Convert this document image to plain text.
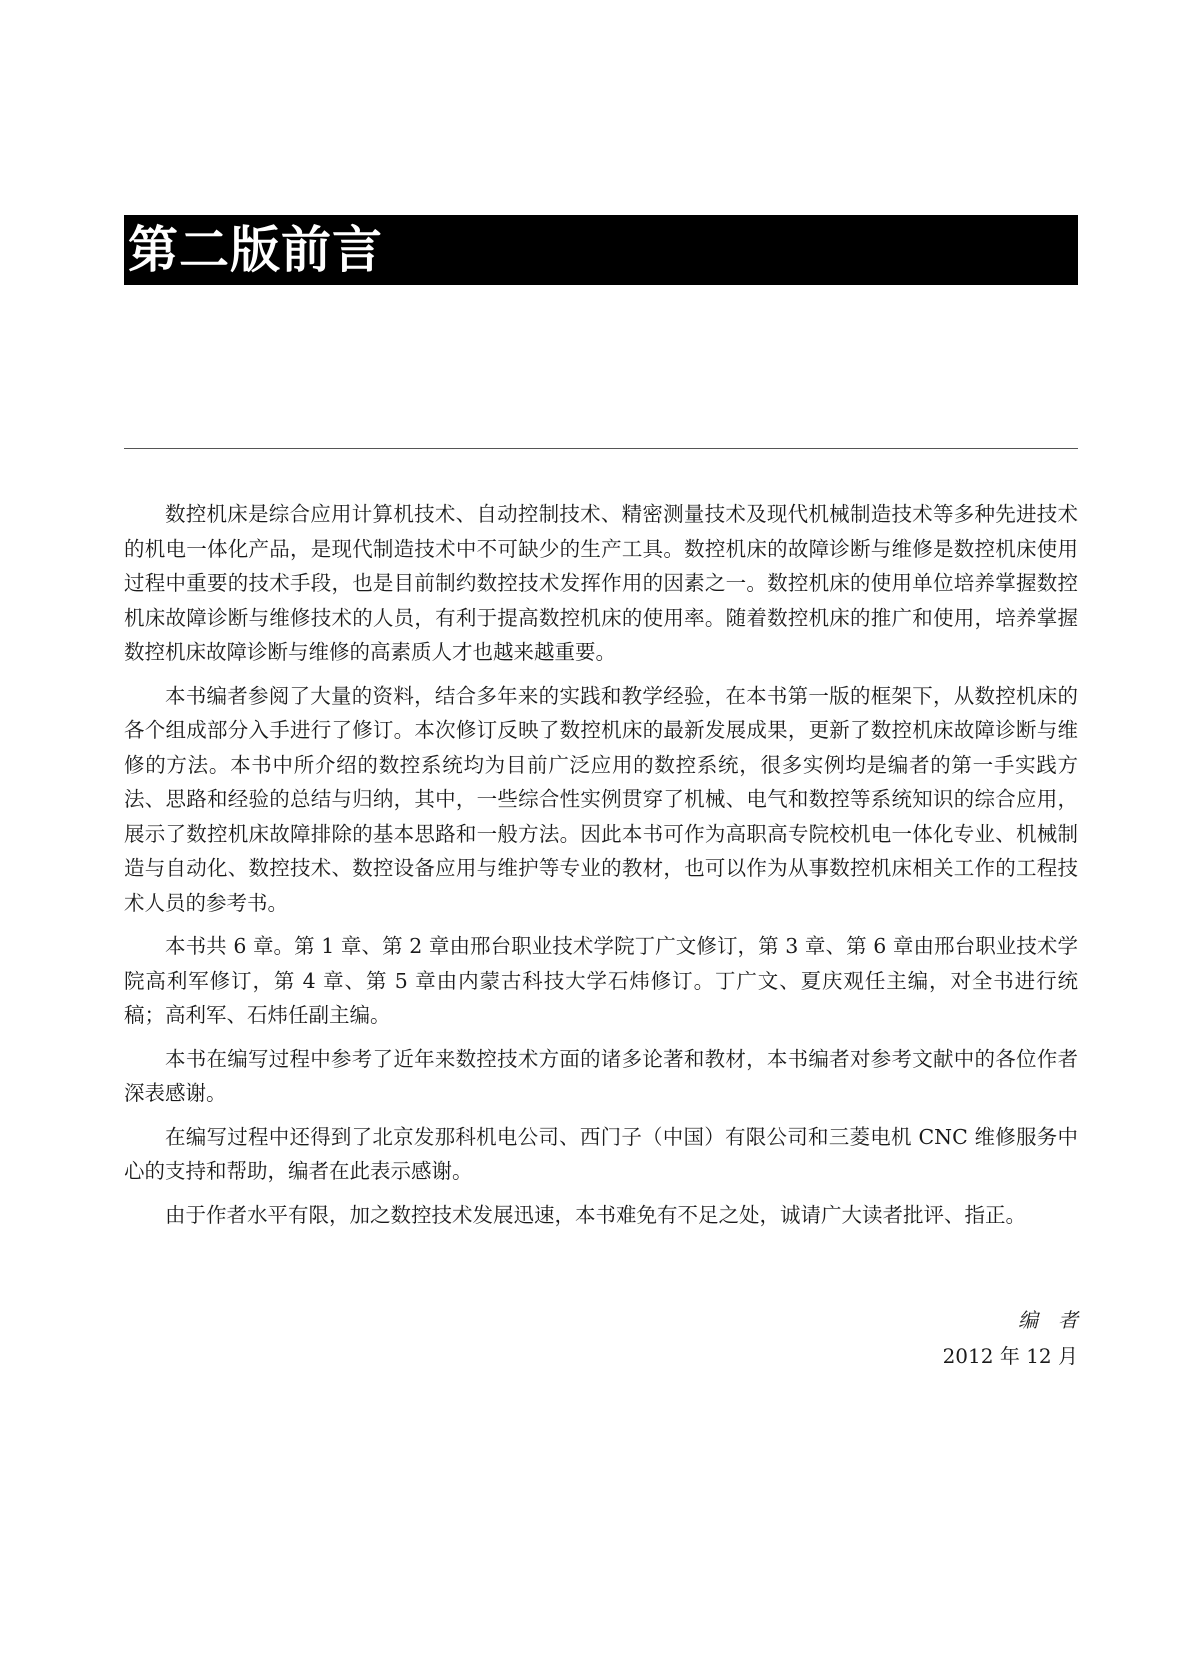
第二版前言

数控机床是综合应用计算机技术、自动控制技术、精密测量技术及现代机械制造技术等多种先进技术的机电一体化产品，是现代制造技术中不可缺少的生产工具。数控机床的故障诊断与维修是数控机床使用过程中重要的技术手段，也是目前制约数控技术发挥作用的因素之一。数控机床的使用单位培养掌握数控机床故障诊断与维修技术的人员，有利于提高数控机床的使用率。随着数控机床的推广和使用，培养掌握数控机床故障诊断与维修的高素质人才也越来越重要。

本书编者参阅了大量的资料，结合多年来的实践和教学经验，在本书第一版的框架下，从数控机床的各个组成部分入手进行了修订。本次修订反映了数控机床的最新发展成果，更新了数控机床故障诊断与维修的方法。本书中所介绍的数控系统均为目前广泛应用的数控系统，很多实例均是编者的第一手实践方法、思路和经验的总结与归纳，其中，一些综合性实例贯穿了机械、电气和数控等系统知识的综合应用，展示了数控机床故障排除的基本思路和一般方法。因此本书可作为高职高专院校机电一体化专业、机械制造与自动化、数控技术、数控设备应用与维护等专业的教材，也可以作为从事数控机床相关工作的工程技术人员的参考书。

本书共 6 章。第 1 章、第 2 章由邢台职业技术学院丁广文修订，第 3 章、第 6 章由邢台职业技术学院高利军修订，第 4 章、第 5 章由内蒙古科技大学石炜修订。丁广文、夏庆观任主编，对全书进行统稿；高利军、石炜任副主编。

本书在编写过程中参考了近年来数控技术方面的诸多论著和教材，本书编者对参考文献中的各位作者深表感谢。

在编写过程中还得到了北京发那科机电公司、西门子（中国）有限公司和三菱电机 CNC 维修服务中心的支持和帮助，编者在此表示感谢。

由于作者水平有限，加之数控技术发展迅速，本书难免有不足之处，诚请广大读者批评、指正。

编者
2012 年 12 月
